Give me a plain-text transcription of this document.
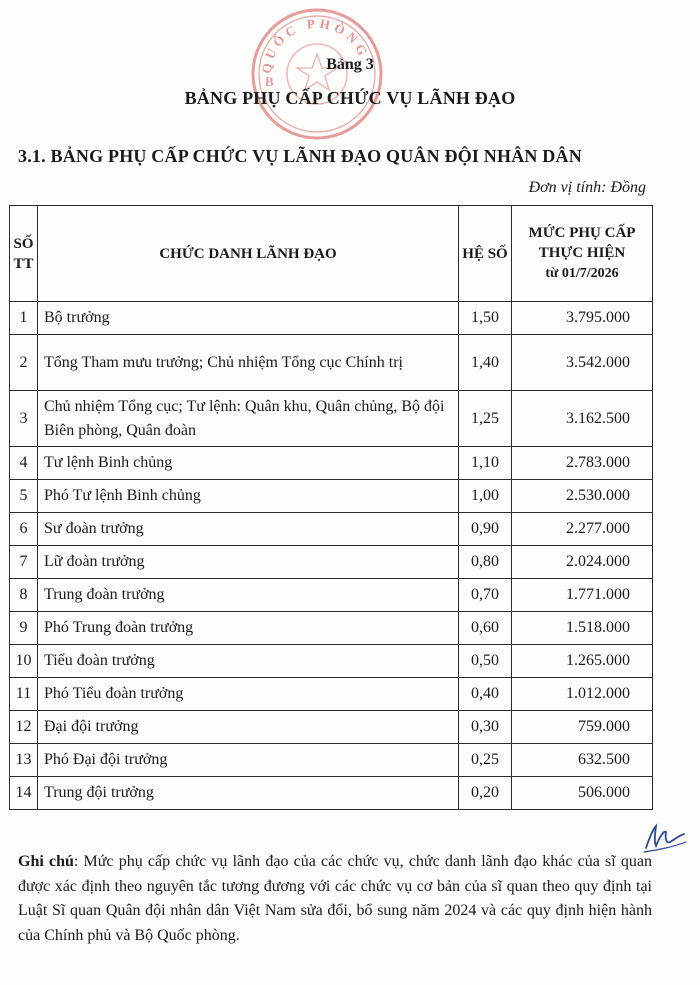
QUỐC PHÒNG
B
Bảng 3
BẢNG PHỤ CẤP CHỨC VỤ LÃNH ĐẠO
3.1. BẢNG PHỤ CẤP CHỨC VỤ LÃNH ĐẠO QUÂN ĐỘI NHÂN DÂN
Đơn vị tính: Đồng
SỐ TT	CHỨC DANH LÃNH ĐẠO	HỆ SỐ	MỨC PHỤ CẤP THỰC HIỆN
từ 01/7/2026
1	Bộ trưởng	1,50	3.795.000
2	Tổng Tham mưu trưởng; Chủ nhiệm Tổng cục Chính trị	1,40	3.542.000
3	Chủ nhiệm Tổng cục; Tư lệnh: Quân khu, Quân chủng, Bộ đội Biên phòng, Quân đoàn	1,25	3.162.500
4	Tư lệnh Binh chủng	1,10	2.783.000
5	Phó Tư lệnh Binh chủng	1,00	2.530.000
6	Sư đoàn trưởng	0,90	2.277.000
7	Lữ đoàn trưởng	0,80	2.024.000
8	Trung đoàn trưởng	0,70	1.771.000
9	Phó Trung đoàn trưởng	0,60	1.518.000
10	Tiểu đoàn trưởng	0,50	1.265.000
11	Phó Tiểu đoàn trưởng	0,40	1.012.000
12	Đại đội trưởng	0,30	759.000
13	Phó Đại đội trưởng	0,25	632.500
14	Trung đội trưởng	0,20	506.000
Ghi chú: Mức phụ cấp chức vụ lãnh đạo của các chức vụ, chức danh lãnh đạo khác của sĩ quan được xác định theo nguyên tắc tương đương với các chức vụ cơ bản của sĩ quan theo quy định tại Luật Sĩ quan Quân đội nhân dân Việt Nam sửa đổi, bổ sung năm 2024 và các quy định hiện hành của Chính phủ và Bộ Quốc phòng.
